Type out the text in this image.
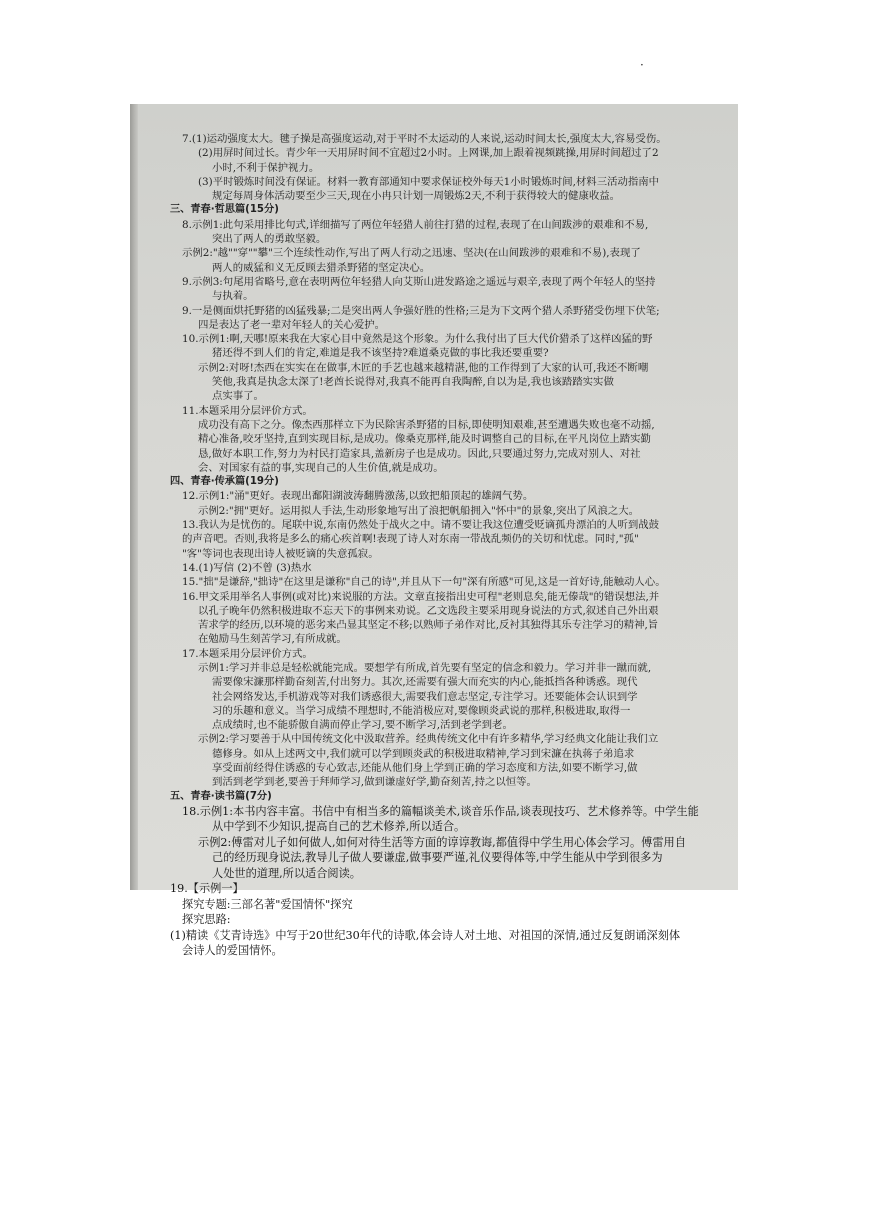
·

7.(1)运动强度太大。毽子操是高强度运动,对于平时不太运动的人来说,运动时间太长,强度太大,容易受伤。

(2)用屏时间过长。青少年一天用屏时间不宜超过2小时。上网课,加上跟着视频跳操,用屏时间超过了2

小时,不利于保护视力。

(3)平时锻炼时间没有保证。材料一教育部通知中要求保证校外每天1小时锻炼时间,材料三活动指南中

规定每周身体活动要至少三天,现在小冉只计划一周锻炼2天,不利于获得较大的健康收益。

三、青春·哲思篇(15分)

8.示例1:此句采用排比句式,详细描写了两位年轻猎人前往打猎的过程,表现了在山间跋涉的艰难和不易,

突出了两人的勇敢坚毅。

示例2:"越""穿""攀"三个连续性动作,写出了两人行动之迅速、坚决(在山间跋涉的艰难和不易),表现了

两人的威猛和义无反顾去猎杀野猪的坚定决心。

9.示例3:句尾用省略号,意在表明两位年轻猎人向艾斯山进发路途之遥远与艰辛,表现了两个年轻人的坚持

与执着。

9.一是侧面烘托野猪的凶猛残暴;二是突出两人争强好胜的性格;三是为下文两个猎人杀野猪受伤埋下伏笔;

四是表达了老一辈对年轻人的关心爱护。

10.示例1:啊,天哪!原来我在大家心目中竟然是这个形象。为什么我付出了巨大代价猎杀了这样凶猛的野

猪还得不到人们的肯定,难道是我不该坚持?难道桑克做的事比我还要重要?

示例2:对呀!杰西在实实在在做事,木匠的手艺也越来越精湛,他的工作得到了大家的认可,我还不断嘲

笑他,我真是执念太深了!老酋长说得对,我真不能再自我陶醉,自以为是,我也该踏踏实实做

点实事了。

11.本题采用分层评价方式。

成功没有高下之分。像杰西那样立下为民除害杀野猪的目标,即使明知艰难,甚至遭遇失败也毫不动摇,

精心准备,咬牙坚持,直到实现目标,是成功。像桑克那样,能及时调整自己的目标,在平凡岗位上踏实勤

恳,做好本职工作,努力为村民打造家具,盖新房子也是成功。因此,只要通过努力,完成对别人、对社

会、对国家有益的事,实现自己的人生价值,就是成功。

四、青春·传承篇(19分)

12.示例1:"涌"更好。表现出鄱阳湖波涛翻腾激荡,以致把船顶起的雄阔气势。

示例2:"拥"更好。运用拟人手法,生动形象地写出了浪把帆船拥入"怀中"的景象,突出了风浪之大。

13.我认为是忧伤的。尾联中说,东南仍然处于战火之中。请不要让我这位遭受贬谪孤舟漂泊的人听到战鼓

的声音吧。否则,我将是多么的痛心疾首啊!表现了诗人对东南一带战乱频仍的关切和忧虑。同时,"孤"

"客"等词也表现出诗人被贬谪的失意孤寂。

14.(1)写信 (2)不曾 (3)热水

15."拙"是谦辞,"拙诗"在这里是谦称"自己的诗",并且从下一句"深有所感"可见,这是一首好诗,能触动人心。

16.甲文采用举名人事例(或对比)来说服的方法。文章直接指出史可程"老则息矣,能无傣哉"的错误想法,并

以孔子晚年仍然积极进取不忘天下的事例来劝说。乙文选段主要采用现身说法的方式,叙述自己外出艰

苦求学的经历,以环境的恶劣来凸显其坚定不移;以熟师子弟作对比,反衬其独得其乐专注学习的精神,旨

在勉励马生刻苦学习,有所成就。

17.本题采用分层评价方式。

示例1:学习并非总是轻松就能完成。要想学有所成,首先要有坚定的信念和毅力。学习并非一蹴而就,

需要像宋濂那样勤奋刻苦,付出努力。其次,还需要有强大而充实的内心,能抵挡各种诱惑。现代

社会网络发达,手机游戏等对我们诱惑很大,需要我们意志坚定,专注学习。还要能体会认识到学

习的乐趣和意义。当学习成绩不理想时,不能消极应对,要像顾炎武说的那样,积极进取,取得一

点成绩时,也不能骄傲自满而停止学习,要不断学习,活到老学到老。

示例2:学习要善于从中国传统文化中汲取营养。经典传统文化中有许多精华,学习经典文化能让我们立

德修身。如从上述两文中,我们就可以学到顾炎武的积极进取精神,学习到宋濂在执蒋子弟追求

享受面前经得住诱惑的专心致志,还能从他们身上学到正确的学习态度和方法,如要不断学习,做

到活到老学到老,要善于拜师学习,做到谦虚好学,勤奋刻苦,持之以恒等。

五、青春·读书篇(7分)

18.示例1:本书内容丰富。书信中有相当多的篇幅谈美术,谈音乐作品,谈表现技巧、艺术修养等。中学生能

从中学到不少知识,提高自己的艺术修养,所以适合。

示例2:傅雷对儿子如何做人,如何对待生活等方面的谆谆教诲,都值得中学生用心体会学习。傅雷用自

己的经历现身说法,教导儿子做人要谦虚,做事要严谨,礼仪要得体等,中学生能从中学到很多为

人处世的道理,所以适合阅读。

19.【示例一】

探究专题:三部名著"爱国情怀"探究

探究思路:

(1)精读《艾青诗选》中写于20世纪30年代的诗歌,体会诗人对土地、对祖国的深情,通过反复朗诵深刻体

会诗人的爱国情怀。
